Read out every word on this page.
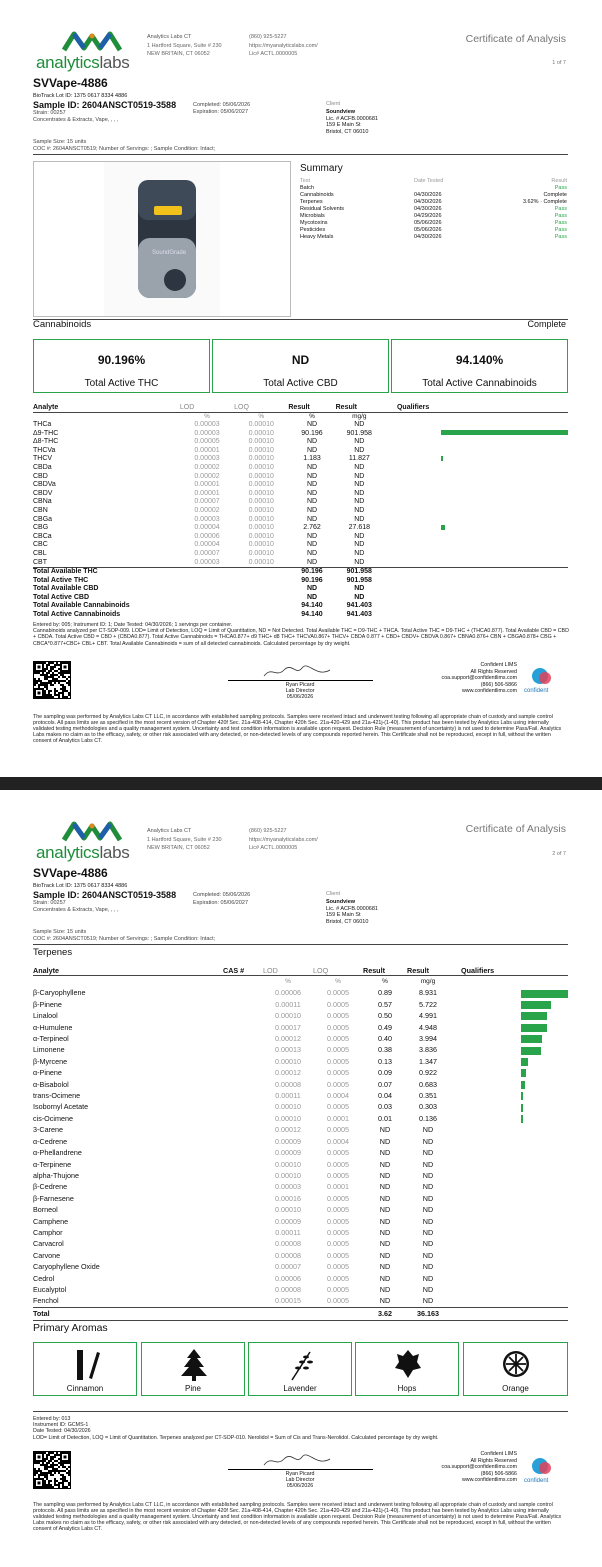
analyticslabs
Analytics Labs CT
1 Hartford Square, Suite # 230
NEW BRITAIN, CT 06052
(860) 925-5227
https://myanalyticslabs.com/
Lic# ACTL.0000005
Certificate of Analysis
1 of 7
SVVape-4886
BioTrack Lot ID: 1375 0617 8334 4886
Sample ID: 2604ANSCT0519-3588	Completed: 05/06/2026
Expiration: 05/06/2027
Strain: 00257
Concentrates & Extracts, Vape, , , ,
Sample Size: 15 units
COC #: 2604ANSCT0519; Number of Servings: ; Sample Condition: Intact;
Client
Soundview
Lic. # ACFB.0000681
159 E Main St
Bristol, CT 06010
SoundGrade
Summary
Test	Date Tested	Result
Batch		Pass
Cannabinoids	04/30/2026	Complete
Terpenes	04/30/2026	3.62% · Complete
Residual Solvents	04/30/2026	Pass
Microbials	04/29/2026	Pass
Mycotoxins	05/06/2026	Pass
Pesticides	05/06/2026	Pass
Heavy Metals	04/30/2026	Pass
Cannabinoids	Complete
90.196%
Total Active THC
ND
Total Active CBD
94.140%
Total Active Cannabinoids
Analyte	LOD	LOQ	Result	Result	Qualifiers
	%	%	%	mg/g	
THCa	0.00003	0.00010	ND	ND	
Δ9-THC	0.00003	0.00010	90.196	901.958	
Δ8-THC	0.00005	0.00010	ND	ND	
THCVa	0.00001	0.00010	ND	ND	
THCV	0.00003	0.00010	1.183	11.827	
CBDa	0.00002	0.00010	ND	ND	
CBD	0.00002	0.00010	ND	ND	
CBDVa	0.00001	0.00010	ND	ND	
CBDV	0.00001	0.00010	ND	ND	
CBNa	0.00007	0.00010	ND	ND	
CBN	0.00002	0.00010	ND	ND	
CBGa	0.00003	0.00010	ND	ND	
CBG	0.00004	0.00010	2.762	27.618	
CBCa	0.00006	0.00010	ND	ND	
CBC	0.00004	0.00010	ND	ND	
CBL	0.00007	0.00010	ND	ND	
CBT	0.00003	0.00010	ND	ND	
Total Available THC			90.196	901.958	
Total Active THC			90.196	901.958	
Total Available CBD			ND	ND	
Total Active CBD			ND	ND	
Total Available Cannabinoids			94.140	941.403	
Total Active Cannabinoids			94.140	941.403	
Entered by: 005; Instrument ID: 1; Date Tested: 04/30/2026; 1 servings per container.
Cannabinoids analyzed per CT-SOP-009. LOD= Limit of Detection, LOQ = Limit of Quantitation, ND = Not Detected. Total Available THC = D9-THC + THCA. Total Active THC = D9-THC + (THCA0.877). Total Available CBD = CBD + CBDA. Total Active CBD = CBD + (CBDA0.877). Total Active Cannabinoids = THCA0.877+ d9 THC+ d8 THC+ THCVA0.867+ THCV+ CBDA 0.877 + CBD+ CBDV+ CBDVA 0.867+ CBNA0.876+ CBN + CBGA0.878+ CBG + CBCA*0.877+CBC+ CBL+ CBT. Total Available Cannabinoids = sum of all detected cannabinoids. Calculated percentage by dry weight.
Ryan Picard
Lab Director
05/06/2026
Confident LIMS
All Rights Reserved
coa.support@confidentlims.com
(866) 506-5866
www.confidentlims.com confident
The sampling was performed by Analytics Labs CT LLC, in accordance with established sampling protocols. Samples were received intact and underwent testing following all appropriate chain of custody and sample control protocols. All pass limits are as specified in the most recent version of Chapter 420f Sec. 21a-408-414, Chapter 420h Sec. 21a-420-429 and 21a-421j-(1-40). This product has been tested by Analytics Labs using internally validated testing methodologies and a quality management system. Uncertainty and test condition information is available upon request. Decision Rule (measurement of uncertainty) is not used to determine Pass/Fail. Analytics Labs makes no claim as to the efficacy, safety, or other risk associated with any detected, or non-detected levels of any compounds reported herein. This Certificate shall not be reproduced, except in full, without the written consent of Analytics Labs CT.
analyticslabs
Analytics Labs CT
1 Hartford Square, Suite # 230
NEW BRITAIN, CT 06052
(860) 925-5227
https://myanalyticslabs.com/
Lic# ACTL.0000005
Certificate of Analysis
2 of 7
SVVape-4886
BioTrack Lot ID: 1375 0617 8334 4886
Sample ID: 2604ANSCT0519-3588	Completed: 05/06/2026
Expiration: 05/06/2027
Strain: 00257
Concentrates & Extracts, Vape, , , ,
Sample Size: 15 units
COC #: 2604ANSCT0519; Number of Servings: ; Sample Condition: Intact;
Client
Soundview
Lic. # ACFB.0000681
159 E Main St
Bristol, CT 06010
Terpenes
Analyte	CAS #	LOD	LOQ	Result	Result	Qualifiers
		%	%	%	mg/g	
β-Caryophyllene		0.00006	0.0005	0.89	8.931	
β-Pinene		0.00011	0.0005	0.57	5.722	
Linalool		0.00010	0.0005	0.50	4.991	
α-Humulene		0.00017	0.0005	0.49	4.948	
α-Terpineol		0.00012	0.0005	0.40	3.994	
Limonene		0.00013	0.0005	0.38	3.836	
β-Myrcene		0.00010	0.0005	0.13	1.347	
α-Pinene		0.00012	0.0005	0.09	0.922	
α-Bisabolol		0.00008	0.0005	0.07	0.683	
trans-Ocimene		0.00011	0.0004	0.04	0.351	
Isobornyl Acetate		0.00010	0.0005	0.03	0.303	
cis-Ocimene		0.00010	0.0001	0.01	0.136	
3-Carene		0.00012	0.0005	ND	ND	
α-Cedrene		0.00009	0.0004	ND	ND	
α-Phellandrene		0.00009	0.0005	ND	ND	
α-Terpinene		0.00010	0.0005	ND	ND	
alpha-Thujone		0.00010	0.0005	ND	ND	
β-Cedrene		0.00003	0.0001	ND	ND	
β-Farnesene		0.00016	0.0005	ND	ND	
Borneol		0.00010	0.0005	ND	ND	
Camphene		0.00009	0.0005	ND	ND	
Camphor		0.00011	0.0005	ND	ND	
Carvacrol		0.00008	0.0005	ND	ND	
Carvone		0.00008	0.0005	ND	ND	
Caryophyllene Oxide		0.00007	0.0005	ND	ND	
Cedrol		0.00006	0.0005	ND	ND	
Eucalyptol		0.00008	0.0005	ND	ND	
Fenchol		0.00015	0.0005	ND	ND	
Total				3.62	36.163	
Primary Aromas
Cinnamon	Pine	Lavender	Hops	Orange
Entered by: 013
Instrument ID: GCMS-1
Date Tested: 04/30/2026
LOD= Limit of Detection, LOQ = Limit of Quantitation. Terpenes analyzed per CT-SOP-010. Nerolidol = Sum of Cis and Trans-Nerolidol. Calculated percentage by dry weight.
Ryan Picard
Lab Director
05/06/2026
Confident LIMS
All Rights Reserved
coa.support@confidentlims.com
(866) 506-5866
www.confidentlims.com confident
The sampling was performed by Analytics Labs CT LLC, in accordance with established sampling protocols. Samples were received intact and underwent testing following all appropriate chain of custody and sample control protocols. All pass limits are as specified in the most recent version of Chapter 420f Sec. 21a-408-414, Chapter 420h Sec. 21a-420-429 and 21a-421j-(1-40). This product has been tested by Analytics Labs using internally validated testing methodologies and a quality management system. Uncertainty and test condition information is available upon request. Decision Rule (measurement of uncertainty) is not used to determine Pass/Fail. Analytics Labs makes no claim as to the efficacy, safety, or other risk associated with any detected, or non-detected levels of any compounds reported herein. This Certificate shall not be reproduced, except in full, without the written consent of Analytics Labs CT.
